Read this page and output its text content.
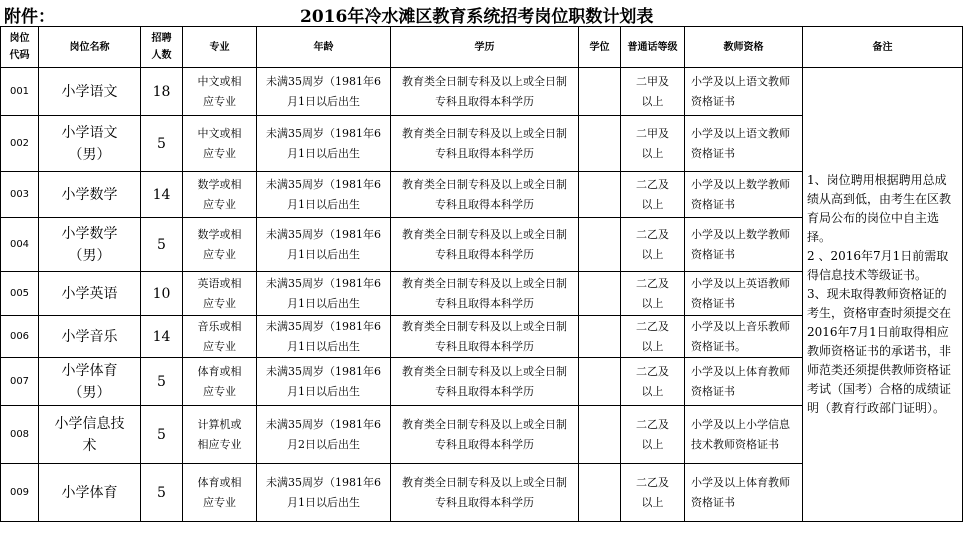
附件：	2016年冷水滩区教育系统招考岗位职数计划表
岗位代码	岗位名称	招聘人数	专业	年龄	学历	学位	普通话等级	教师资格	备注
001	小学语文	18	中文或相应专业	未满35周岁（1981年6月1日以后出生	教育类全日制专科及以上或全日制专科且取得本科学历		二甲及以上	小学及以上语文教师资格证书	1、岗位聘用根据聘用总成绩从高到低，由考生在区教育局公布的岗位中自主选择。
2 、2016年7月1日前需取得信息技术等级证书。
3、现未取得教师资格证的考生，资格审查时须提交在2016年7月1日前取得相应教师资格证书的承诺书，非师范类还须提供教师资格证考试（国考）合格的成绩证明（教育行政部门证明）。
002	小学语文（男）	5	中文或相应专业	未满35周岁（1981年6月1日以后出生	教育类全日制专科及以上或全日制专科且取得本科学历		二甲及以上	小学及以上语文教师资格证书	
003	小学数学	14	数学或相应专业	未满35周岁（1981年6月1日以后出生	教育类全日制专科及以上或全日制专科且取得本科学历		二乙及以上	小学及以上数学教师资格证书	
004	小学数学（男）	5	数学或相应专业	未满35周岁（1981年6月1日以后出生	教育类全日制专科及以上或全日制专科且取得本科学历		二乙及以上	小学及以上数学教师资格证书	
005	小学英语	10	英语或相应专业	未满35周岁（1981年6月1日以后出生	教育类全日制专科及以上或全日制专科且取得本科学历		二乙及以上	小学及以上英语教师资格证书	
006	小学音乐	14	音乐或相应专业	未满35周岁（1981年6月1日以后出生	教育类全日制专科及以上或全日制专科且取得本科学历		二乙及以上	小学及以上音乐教师资格证书。	
007	小学体育（男）	5	体育或相应专业	未满35周岁（1981年6月1日以后出生	教育类全日制专科及以上或全日制专科且取得本科学历		二乙及以上	小学及以上体育教师资格证书	
008	小学信息技术	5	计算机或相应专业	未满35周岁（1981年6月2日以后出生	教育类全日制专科及以上或全日制专科且取得本科学历		二乙及以上	小学及以上小学信息技术教师资格证书	
009	小学体育	5	体育或相应专业	未满35周岁（1981年6月1日以后出生	教育类全日制专科及以上或全日制专科且取得本科学历		二乙及以上	小学及以上体育教师资格证书	
